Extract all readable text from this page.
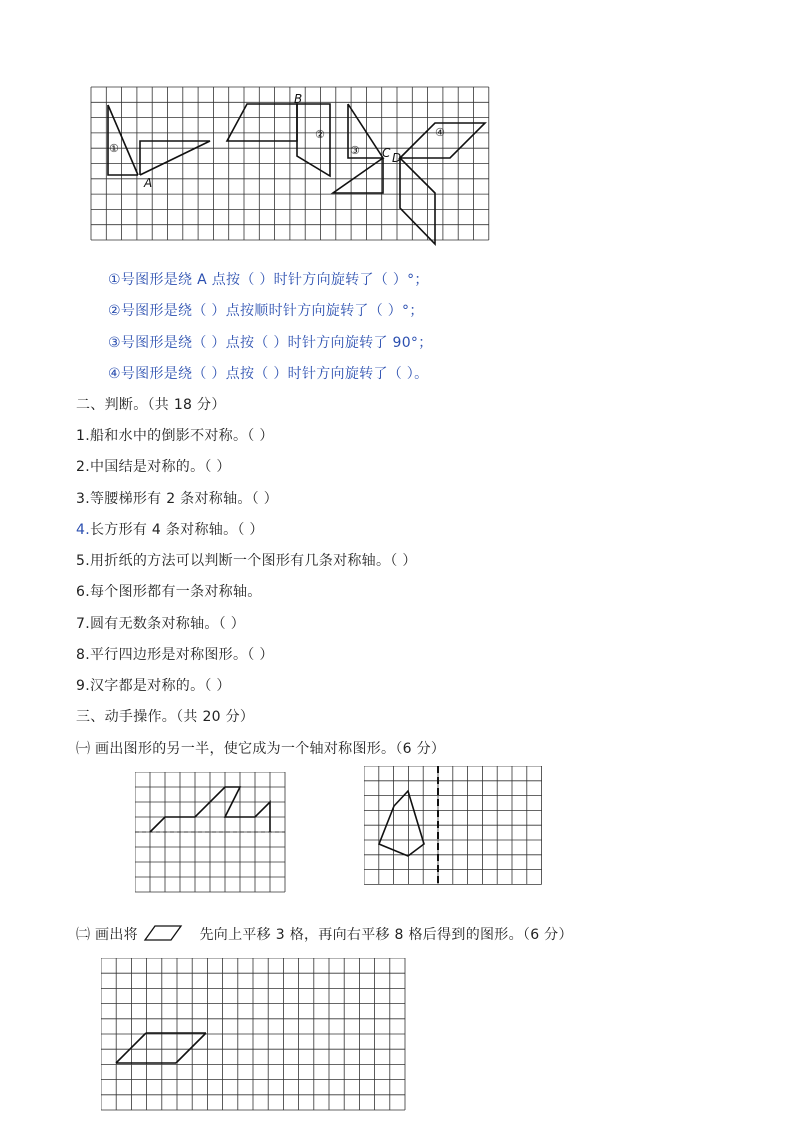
①
②
③
④
A
B
C D
①号图形是绕 A 点按（ ）时针方向旋转了（ ）°；
②号图形是绕（ ）点按顺时针方向旋转了（ ）°；
③号图形是绕（ ）点按（ ）时针方向旋转了 90°；
④号图形是绕（ ）点按（ ）时针方向旋转了（ ）。
二、判断。（共 18 分）
1.船和水中的倒影不对称。（ ）
2.中国结是对称的。（ ）
3.等腰梯形有 2 条对称轴。（ ）
4.长方形有 4 条对称轴。（ ）
5.用折纸的方法可以判断一个图形有几条对称轴。（ ）
6.每个图形都有一条对称轴。
7.圆有无数条对称轴。（ ）
8.平行四边形是对称图形。（ ）
9.汉字都是对称的。（ ）
三、动手操作。（共 20 分）
㈠ 画出图形的另一半，使它成为一个轴对称图形。（6 分）
㈡ 画出将	先向上平移 3 格，再向右平移 8 格后得到的图形。（6 分）
